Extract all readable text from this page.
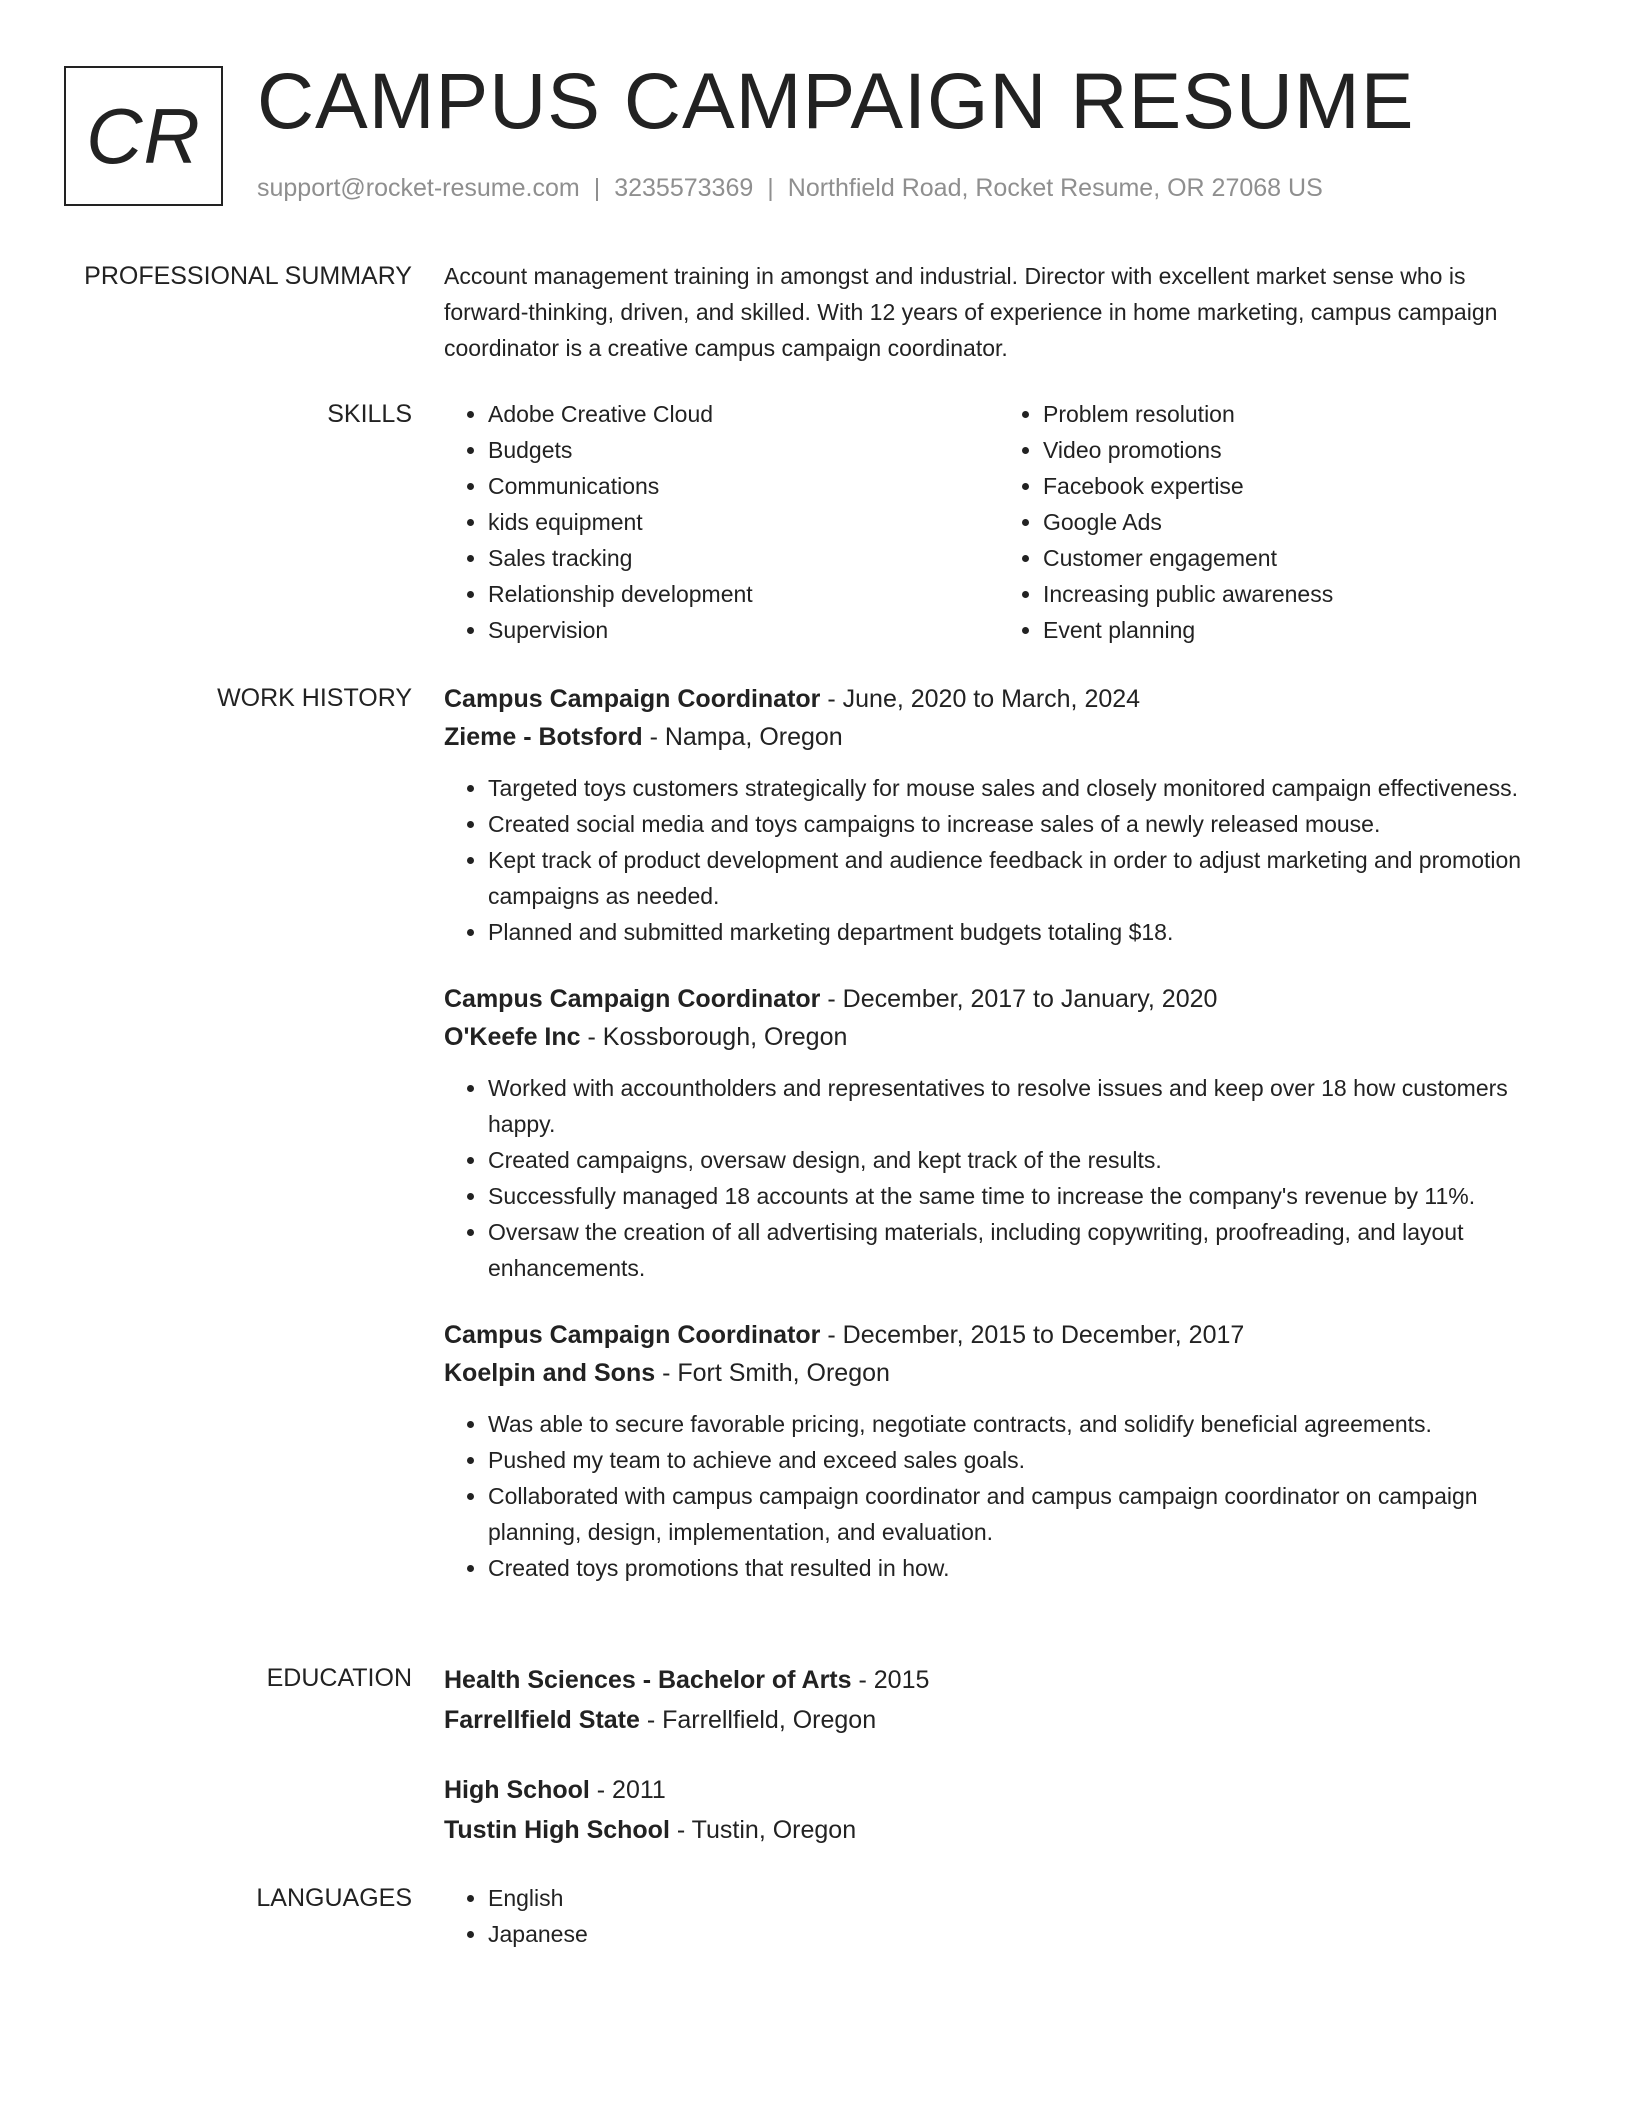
CR CAMPUS CAMPAIGN RESUME
support@rocket-resume.com | 3235573369 | Northfield Road, Rocket Resume, OR 27068 US
PROFESSIONAL SUMMARY Account management training in amongst and industrial. Director with excellent market sense who is forward-thinking, driven, and skilled. With 12 years of experience in home marketing, campus campaign coordinator is a creative campus campaign coordinator.

SKILLS	• Adobe Creative Cloud
• Budgets
• Communications
• kids equipment
• Sales tracking
• Relationship development
• Supervision
• Problem resolution
• Video promotions
• Facebook expertise
• Google Ads
• Customer engagement
• Increasing public awareness
• Event planning
WORK HISTORY Campus Campaign Coordinator - June, 2020 to March, 2024
Zieme - Botsford - Nampa, Oregon
• Targeted toys customers strategically for mouse sales and closely monitored campaign effectiveness.
• Created social media and toys campaigns to increase sales of a newly released mouse.
• Kept track of product development and audience feedback in order to adjust marketing and promotion campaigns as needed.
• Planned and submitted marketing department budgets totaling $18.
Campus Campaign Coordinator - December, 2017 to January, 2020
O'Keefe Inc - Kossborough, Oregon
• Worked with accountholders and representatives to resolve issues and keep over 18 how customers happy.
• Created campaigns, oversaw design, and kept track of the results.
• Successfully managed 18 accounts at the same time to increase the company's revenue by 11%.
• Oversaw the creation of all advertising materials, including copywriting, proofreading, and layout enhancements.
Campus Campaign Coordinator - December, 2015 to December, 2017
Koelpin and Sons - Fort Smith, Oregon
• Was able to secure favorable pricing, negotiate contracts, and solidify beneficial agreements.
• Pushed my team to achieve and exceed sales goals.
• Collaborated with campus campaign coordinator and campus campaign coordinator on campaign planning, design, implementation, and evaluation.
• Created toys promotions that resulted in how.
EDUCATION Health Sciences - Bachelor of Arts - 2015
Farrellfield State - Farrellfield, Oregon
High School - 2011
Tustin High School - Tustin, Oregon
LANGUAGES	• English
• Japanese
